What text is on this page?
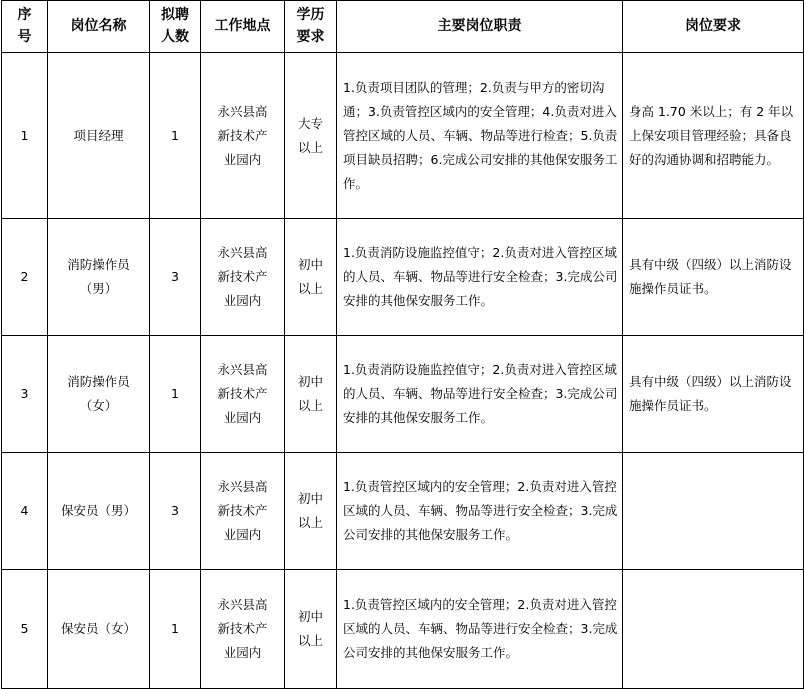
序号	岗位名称	拟聘人数	工作地点	学历要求	主要岗位职责	岗位要求
1	项目经理	1	永兴县高新技术产业园内	大专以上	1.负责项目团队的管理；2.负责与甲方的密切沟通；3.负责管控区域内的安全管理；4.负责对进入管控区域的人员、车辆、物品等进行检查；5.负责项目缺员招聘；6.完成公司安排的其他保安服务工作。	身高 1.70 米以上；有 2 年以上保安项目管理经验；具备良好的沟通协调和招聘能力。
2	消防操作员（男）	3	永兴县高新技术产业园内	初中以上	1.负责消防设施监控值守；2.负责对进入管控区域的人员、车辆、物品等进行安全检查；3.完成公司安排的其他保安服务工作。	具有中级（四级）以上消防设施操作员证书。
3	消防操作员（女）	1	永兴县高新技术产业园内	初中以上	1.负责消防设施监控值守；2.负责对进入管控区域的人员、车辆、物品等进行安全检查；3.完成公司安排的其他保安服务工作。	具有中级（四级）以上消防设施操作员证书。
4	保安员（男）	3	永兴县高新技术产业园内	初中以上	1.负责管控区域内的安全管理；2.负责对进入管控区域的人员、车辆、物品等进行安全检查；3.完成公司安排的其他保安服务工作。	
5	保安员（女）	1	永兴县高新技术产业园内	初中以上	1.负责管控区域内的安全管理；2.负责对进入管控区域的人员、车辆、物品等进行安全检查；3.完成公司安排的其他保安服务工作。	
